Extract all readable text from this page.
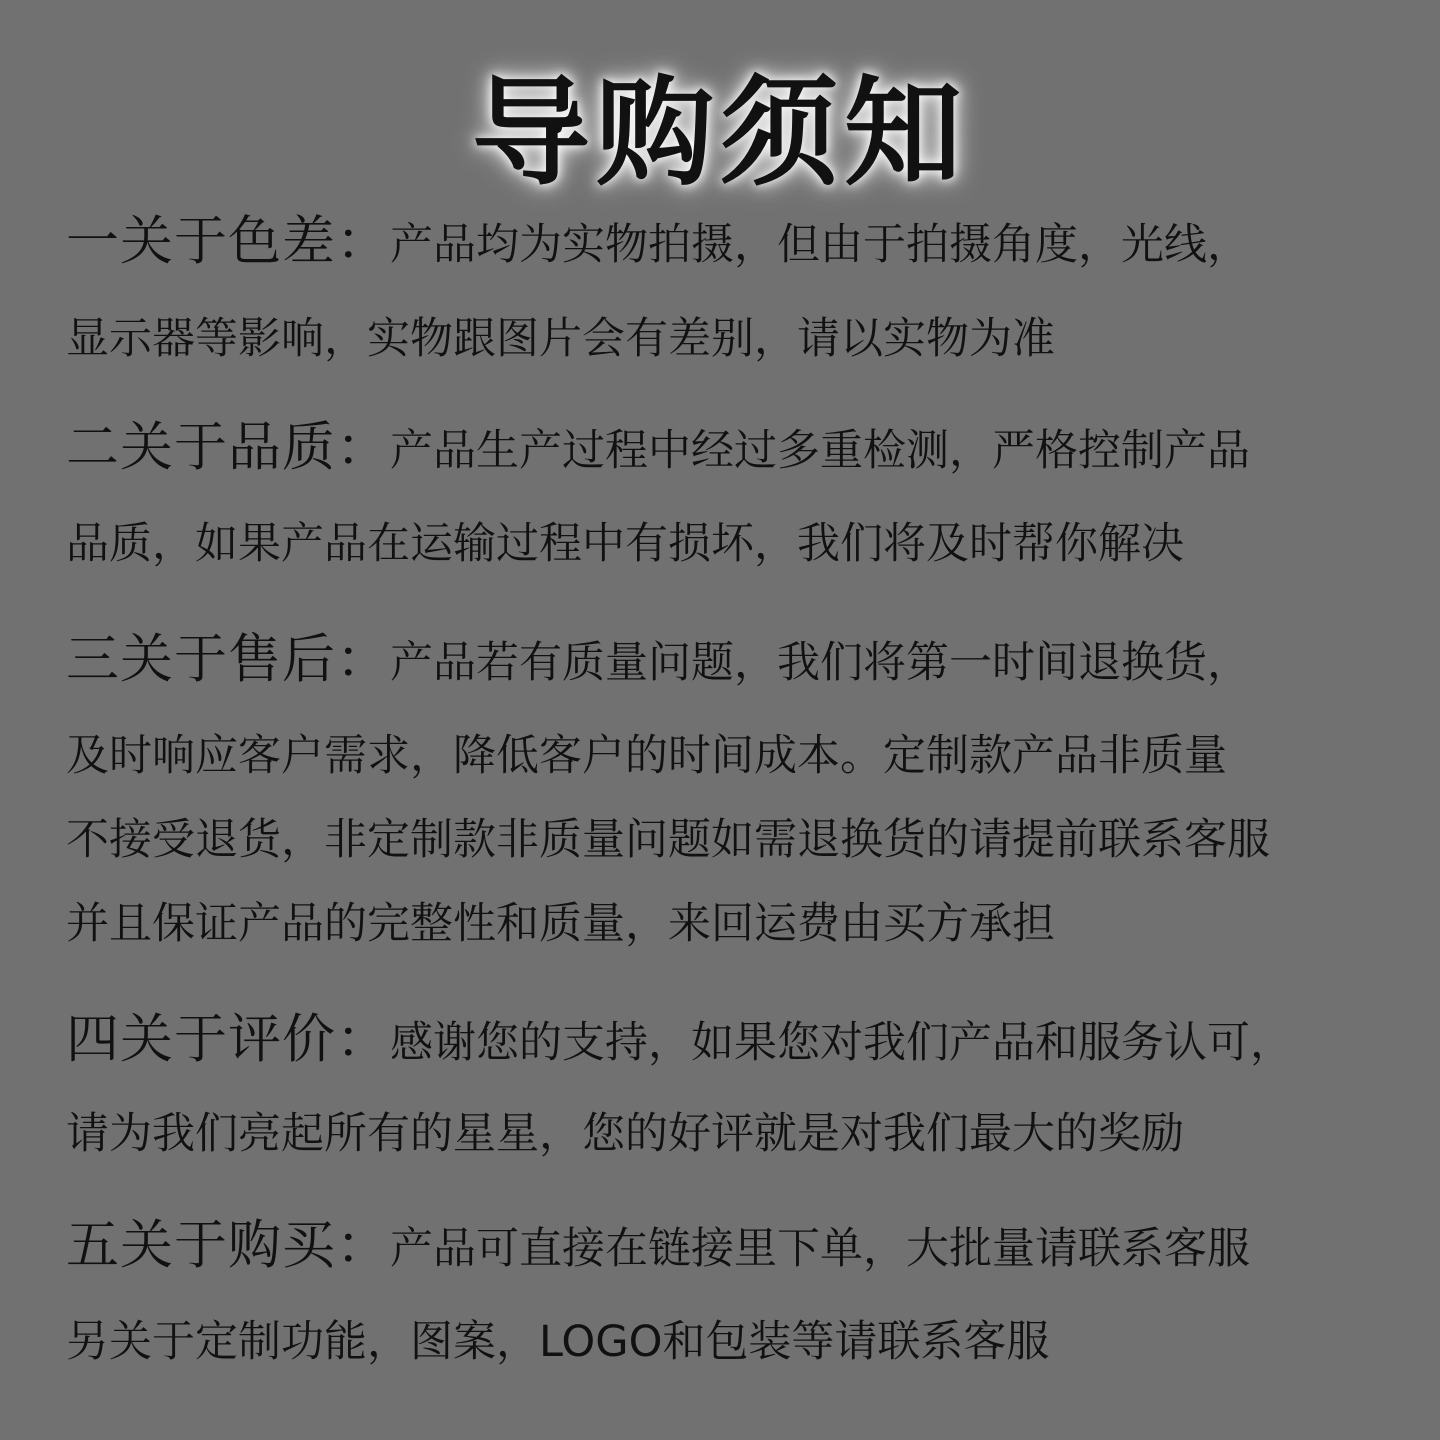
导购须知
一关于色差：产品均为实物拍摄，但由于拍摄角度，光线，
显示器等影响，实物跟图片会有差别，请以实物为准
二关于品质：产品生产过程中经过多重检测，严格控制产品
品质，如果产品在运输过程中有损坏，我们将及时帮你解决
三关于售后：产品若有质量问题，我们将第一时间退换货，
及时响应客户需求，降低客户的时间成本。定制款产品非质量
不接受退货，非定制款非质量问题如需退换货的请提前联系客服
并且保证产品的完整性和质量，来回运费由买方承担
四关于评价：感谢您的支持，如果您对我们产品和服务认可，
请为我们亮起所有的星星，您的好评就是对我们最大的奖励
五关于购买：产品可直接在链接里下单，大批量请联系客服
另关于定制功能，图案，LOGO和包装等请联系客服
